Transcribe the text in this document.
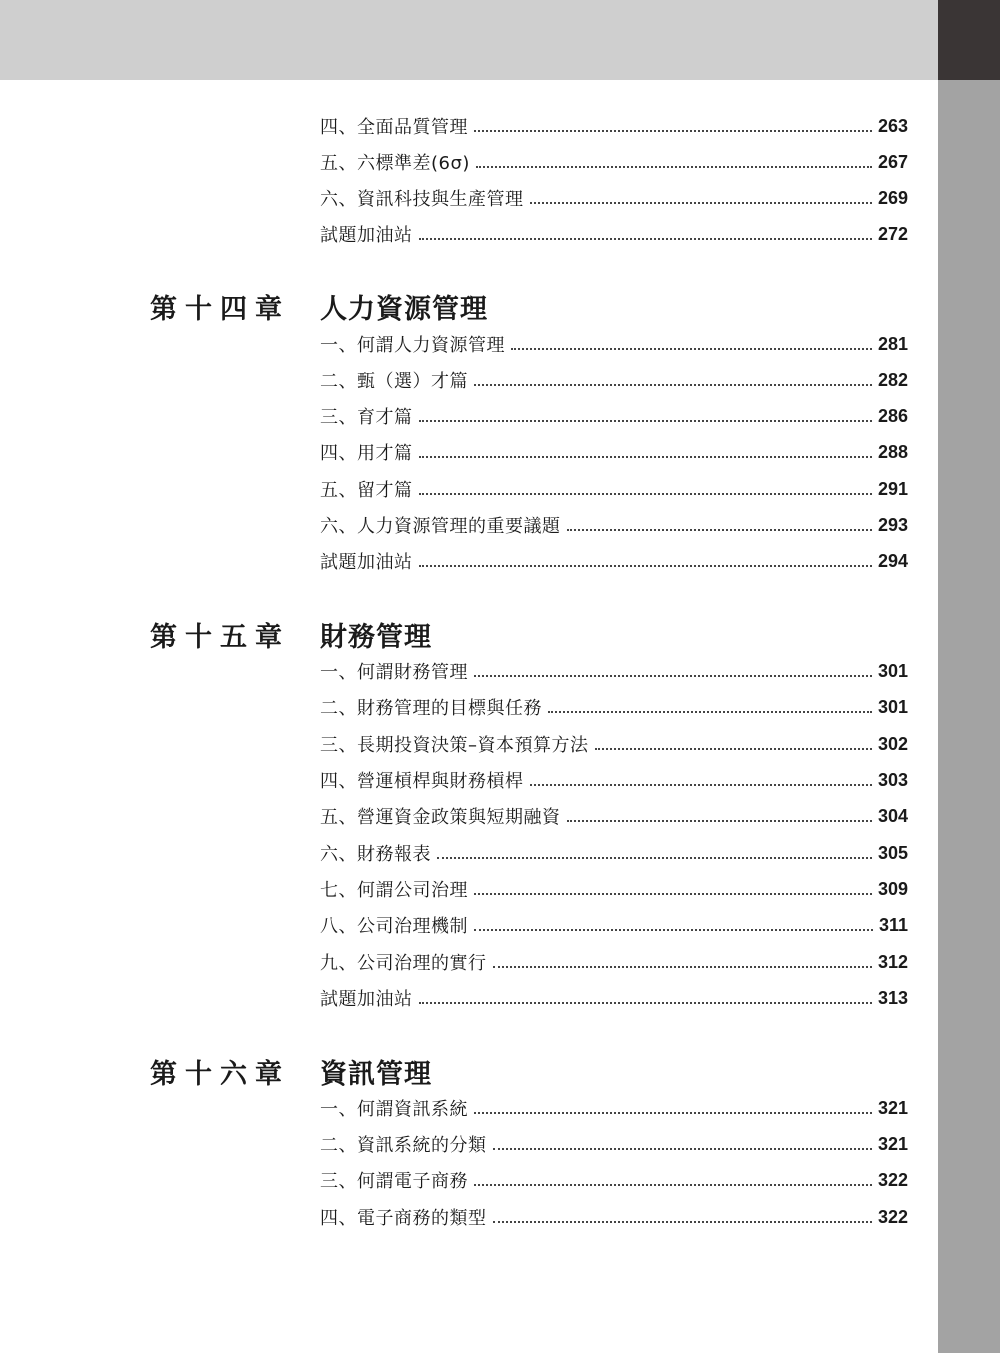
四、全面品質管理	263
五、六標準差(6σ)	267
六、資訊科技與生產管理	269
試題加油站	272
第十四章	人力資源管理
一、何謂人力資源管理	281
二、甄（選）才篇	282
三、育才篇	286
四、用才篇	288
五、留才篇	291
六、人力資源管理的重要議題	293
試題加油站	294
第十五章	財務管理
一、何謂財務管理	301
二、財務管理的目標與任務	301
三、長期投資決策–資本預算方法	302
四、營運槓桿與財務槓桿	303
五、營運資金政策與短期融資	304
六、財務報表	305
七、何謂公司治理	309
八、公司治理機制	311
九、公司治理的實行	312
試題加油站	313
第十六章	資訊管理
一、何謂資訊系統	321
二、資訊系統的分類	321
三、何謂電子商務	322
四、電子商務的類型	322
